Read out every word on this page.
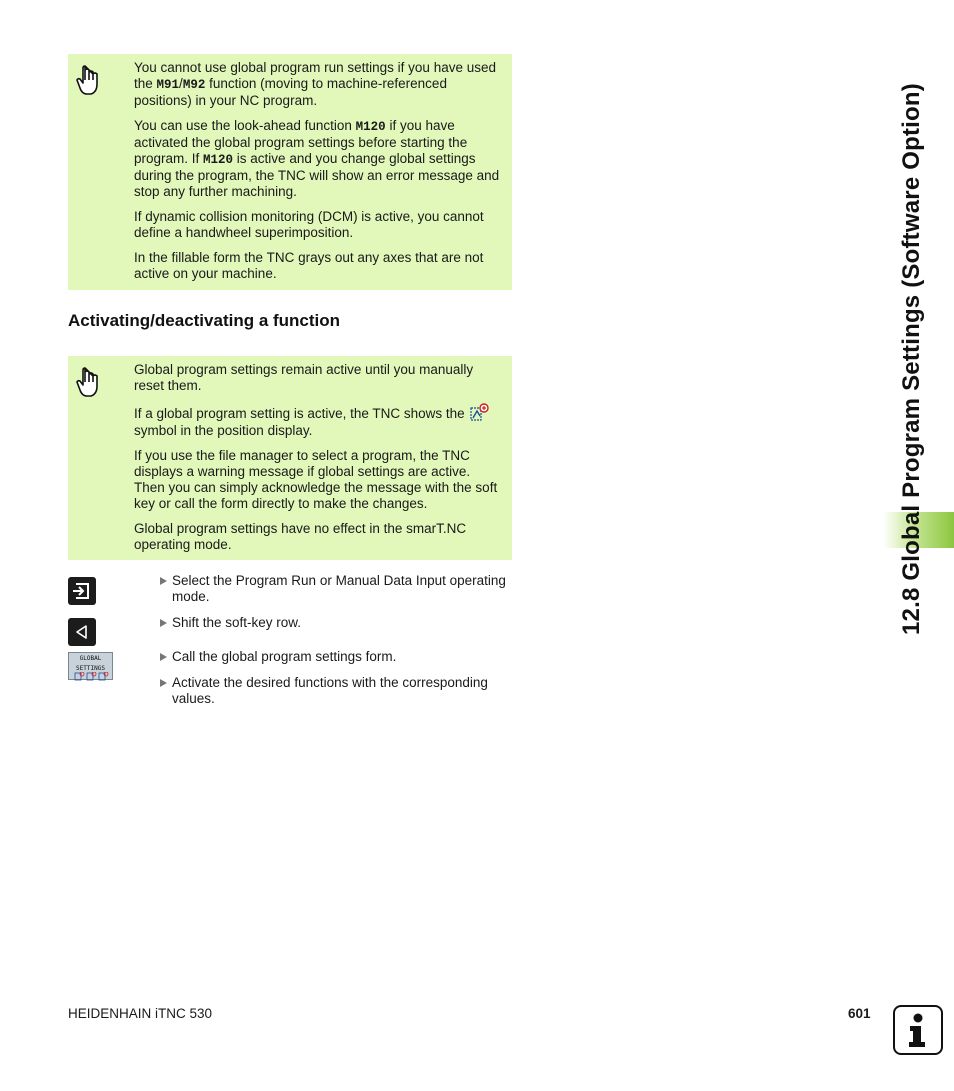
12.8 Global Program Settings (Software Option)

You cannot use global program run settings if you have used the M91/M92 function (moving to machine-referenced positions) in your NC program.

You can use the look-ahead function M120 if you have activated the global program settings before starting the program. If M120 is active and you change global settings during the program, the TNC will show an error message and stop any further machining.

If dynamic collision monitoring (DCM) is active, you cannot define a handwheel superimposition.

In the fillable form the TNC grays out any axes that are not active on your machine.

Activating/deactivating a function

Global program settings remain active until you manually reset them.

If a global program setting is active, the TNC shows the  symbol in the position display.

If you use the file manager to select a program, the TNC displays a warning message if global settings are active. Then you can simply acknowledge the message with the soft key or call the form directly to make the changes.

Global program settings have no effect in the smarT.NC operating mode.

GLOBAL
SETTINGS
Select the Program Run or Manual Data Input operating mode.
Shift the soft-key row.
Call the global program settings form.
Activate the desired functions with the corresponding values.
HEIDENHAIN iTNC 530	601
